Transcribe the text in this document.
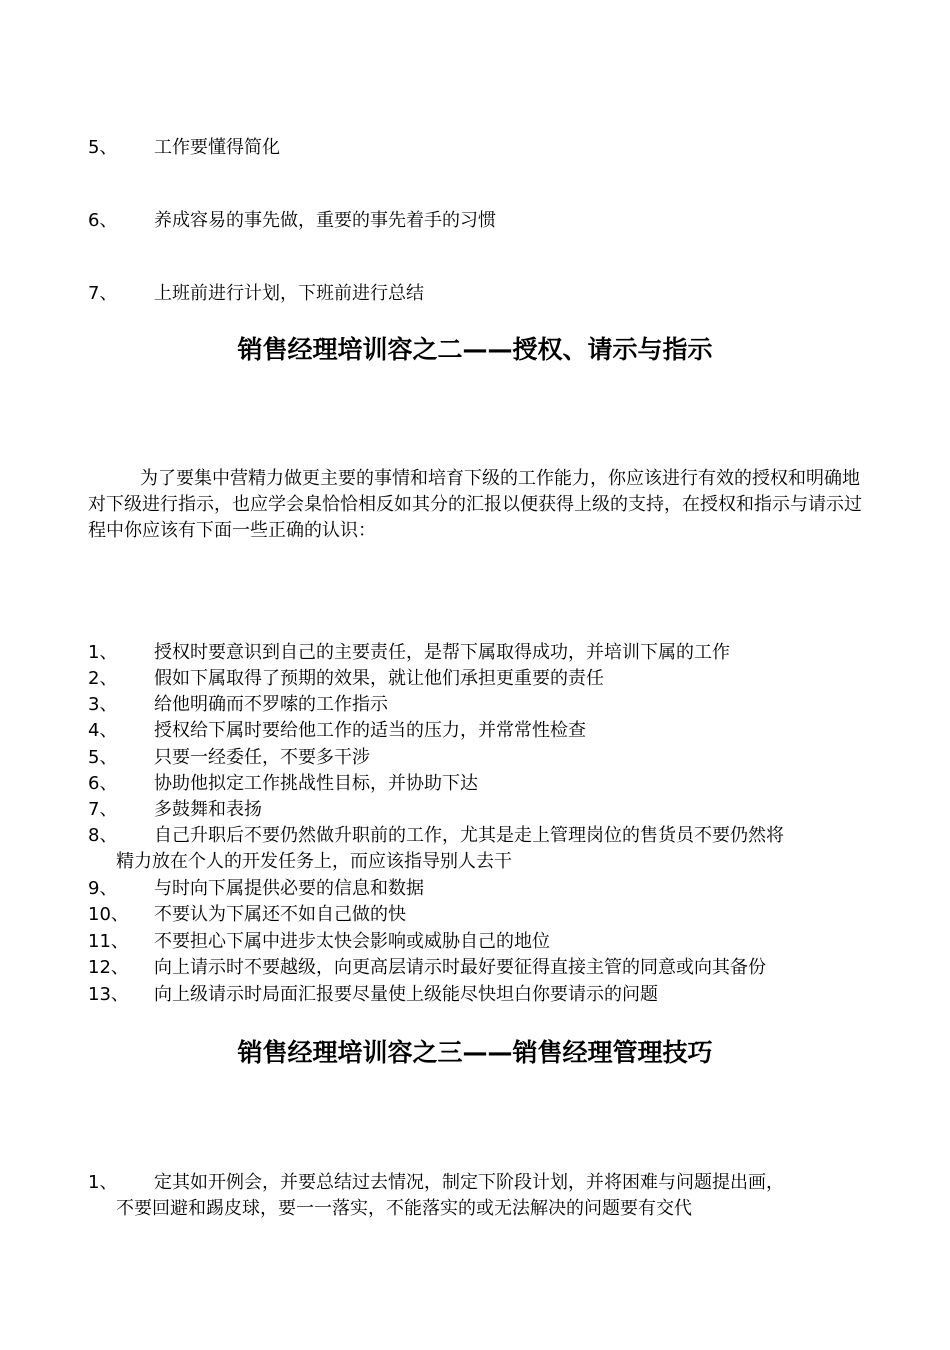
5、 工作要懂得简化
6、 养成容易的事先做，重要的事先着手的习惯
7、 上班前进行计划，下班前进行总结
销售经理培训容之二——授权、请示与指示

为了要集中营精力做更主要的事情和培育下级的工作能力，你应该进行有效的授权和明确地对下级进行指示，也应学会臬恰恰相反如其分的汇报以便获得上级的支持，在授权和指示与请示过程中你应该有下面一些正确的认识：

1、 授权时要意识到自己的主要责任，是帮下属取得成功，并培训下属的工作
2、 假如下属取得了预期的效果，就让他们承担更重要的责任
3、 给他明确而不罗嗦的工作指示
4、 授权给下属时要给他工作的适当的压力，并常常性检查
5、 只要一经委任，不要多干涉
6、 协助他拟定工作挑战性目标，并协助下达
7、 多鼓舞和表扬
8、 自己升职后不要仍然做升职前的工作，尤其是走上管理岗位的售货员不要仍然将
精力放在个人的开发任务上，而应该指导别人去干
9、 与时向下属提供必要的信息和数据
10、 不要认为下属还不如自己做的快
11、 不要担心下属中进步太快会影响或威胁自己的地位
12、 向上请示时不要越级，向更高层请示时最好要征得直接主管的同意或向其备份
13、 向上级请示时局面汇报要尽量使上级能尽快坦白你要请示的问题
销售经理培训容之三——销售经理管理技巧
1、 定其如开例会，并要总结过去情况，制定下阶段计划，并将困难与问题提出画，
不要回避和踢皮球，要一一落实，不能落实的或无法解决的问题要有交代
